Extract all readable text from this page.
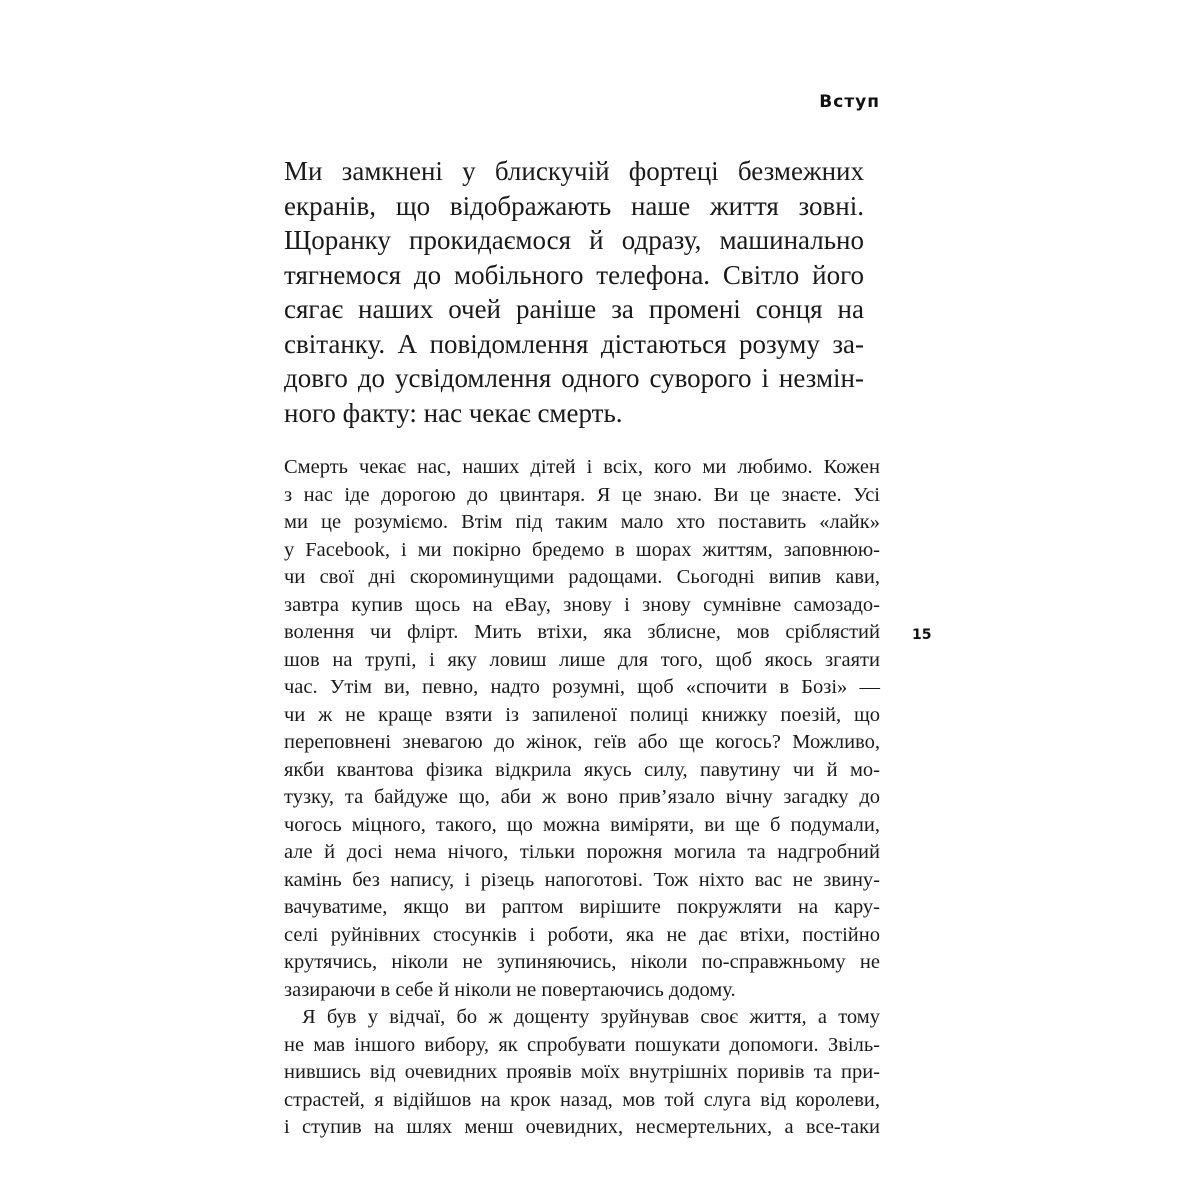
Вступ
15
Ми замкнені у блискучій фортеці безмежних
екранів, що відображають наше життя зовні.
Щоранку прокидаємося й одразу, машинально
тягнемося до мобільного телефона. Світло його
сягає наших очей раніше за промені сонця на
світанку. А повідомлення дістаються розуму за-
довго до усвідомлення одного суворого і незмін-
ного факту: нас чекає смерть.
Смерть чекає нас, наших дітей і всіх, кого ми любимо. Кожен
з нас іде дорогою до цвинтаря. Я це знаю. Ви це знаєте. Усі
ми це розуміємо. Втім під таким мало хто поставить «лайк»
у Facebook, і ми покірно бредемо в шорах життям, заповнюю-
чи свої дні скороминущими радощами. Сьогодні випив кави,
завтра купив щось на eBay, знову і знову сумнівне самозадо-
волення чи флірт. Мить втіхи, яка зблисне, мов сріблястий
шов на трупі, і яку ловиш лише для того, щоб якось згаяти
час. Утім ви, певно, надто розумні, щоб «спочити в Бозі» —
чи ж не краще взяти із запиленої полиці книжку поезій, що
переповнені зневагою до жінок, геїв або ще когось? Можливо,
якби квантова фізика відкрила якусь силу, павутину чи й мо-
тузку, та байдуже що, аби ж воно прив’язало вічну загадку до
чогось міцного, такого, що можна виміряти, ви ще б подумали,
але й досі нема нічого, тільки порожня могила та надгробний
камінь без напису, і різець напоготові. Тож ніхто вас не звину-
вачуватиме, якщо ви раптом вирішите покружляти на кару-
селі руйнівних стосунків і роботи, яка не дає втіхи, постійно
крутячись, ніколи не зупиняючись, ніколи по-справжньому не
зазираючи в себе й ніколи не повертаючись додому.
Я був у відчаї, бо ж дощенту зруйнував своє життя, а тому
не мав іншого вибору, як спробувати пошукати допомоги. Звіль-
нившись від очевидних проявів моїх внутрішніх поривів та при-
страстей, я відійшов на крок назад, мов той слуга від королеви,
і ступив на шлях менш очевидних, несмертельних, а все-таки
